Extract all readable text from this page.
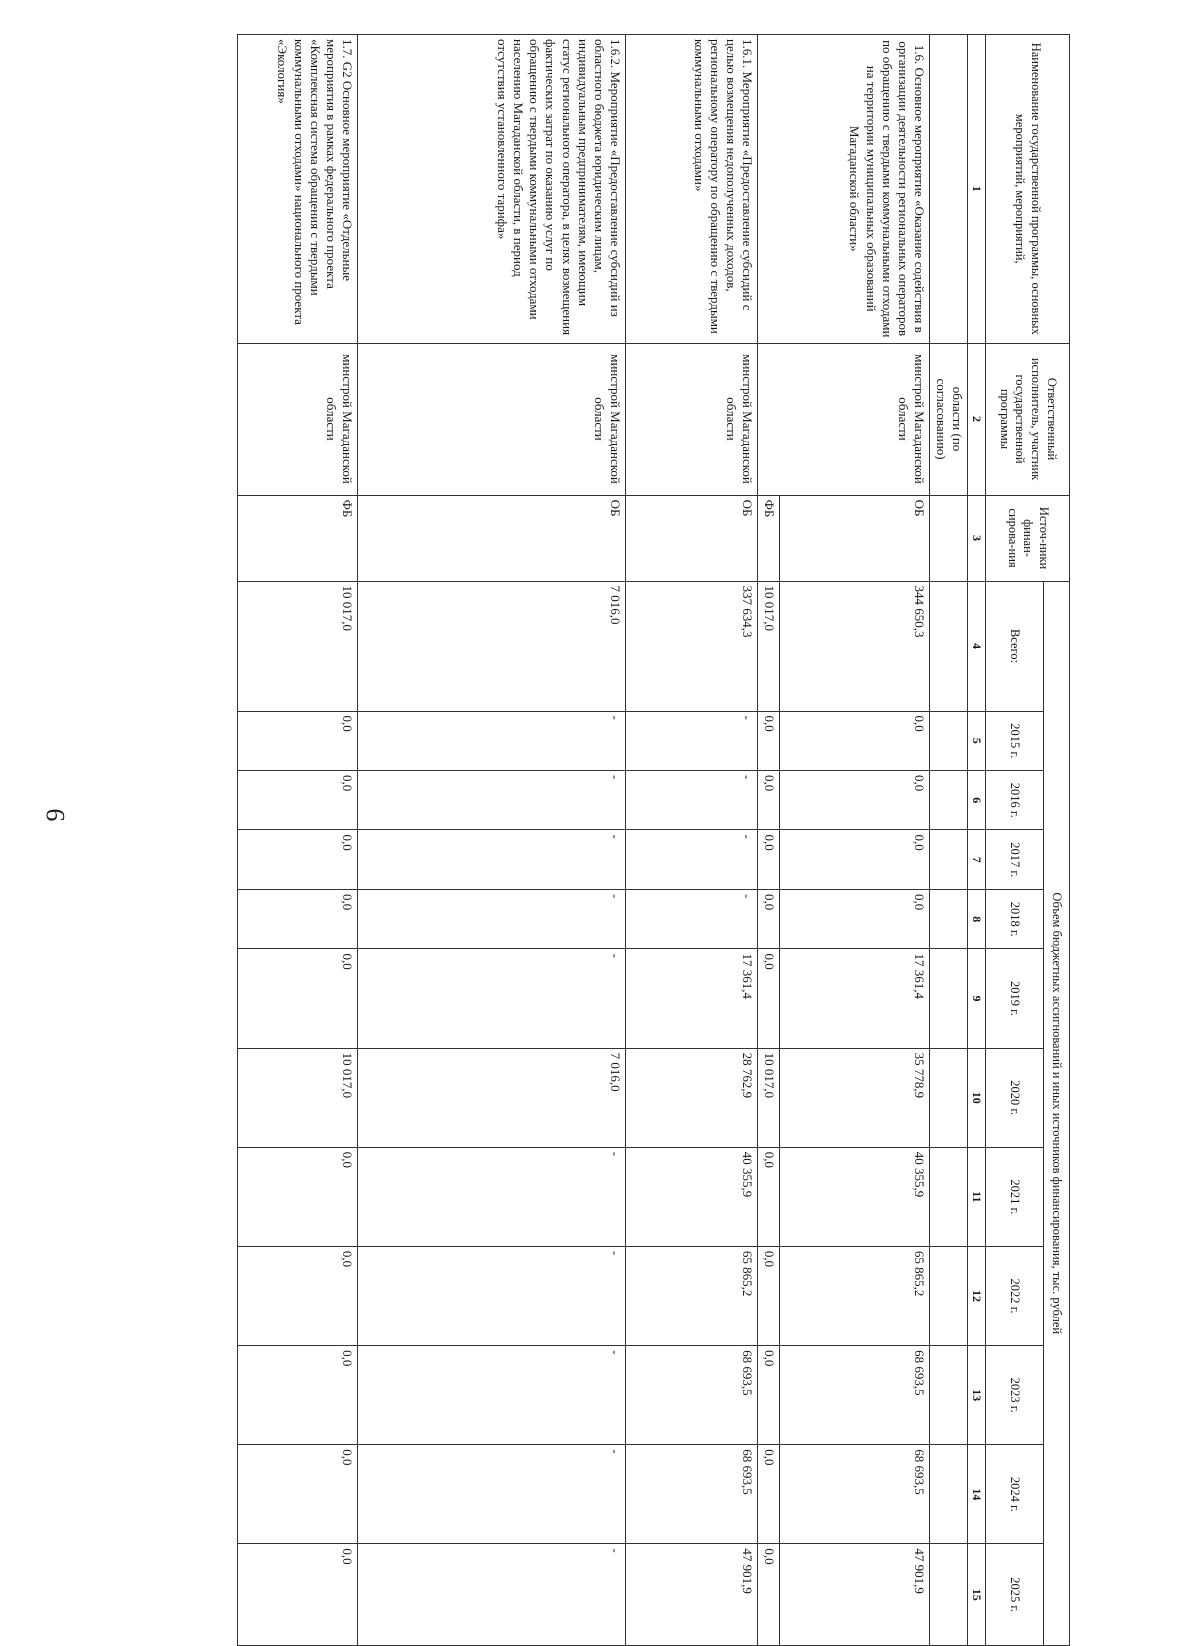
9
Наименование государственной программы, основных мероприятий, мероприятий,	Ответственный исполнитель, участник государственной программы	Источ-ники финан-сирова-ния	Объем бюджетных ассигнований и иных источников финансирования, тыс. рублей											
			Всего:	2015 г.	2016 г.	2017 г.	2018 г.	2019 г.	2020 г.	2021 г.	2022 г.	2023 г.	2024 г.	2025 г.
1	2	3	4	5	6	7	8	9	10	11	12	13	14	15
	области (по согласованию)													
1.6. Основное мероприятие «Оказание содействия в организации деятельности региональных операторов по обращению с твердыми коммунальными отходами на территории муниципальных образований Магаданской области»	минстрой Магаданской области	ОБ	344 650,3	0,0	0,0	0,0	0,0	17 361,4	35 778,9	40 355,9	65 865,2	68 693,5	68 693,5	47 901,9
		ФБ	10 017,0	0,0	0,0	0,0	0,0	0,0	10 017,0	0,0	0,0	0,0	0,0	0,0
1.6.1. Мероприятие «Предоставление субсидий с целью возмещения недополученных доходов, региональному оператору по обращению с твердыми коммунальными отходами»	минстрой Магаданской области	ОБ	337 634,3	-	-	-	-	17 361,4	28 762,9	40 355,9	65 865,2	68 693,5	68 693,5	47 901,9
1.6.2. Мероприятие «Предоставление субсидий из областного бюджета юридическим лицам, индивидуальным предпринимателям, имеющим статус регионального оператора, в целях возмещения фактических затрат по оказанию услуг по обращению с твердыми коммунальными отходами населению Магаданской области, в период отсутствия установленного тарифа»	минстрой Магаданской области	ОБ	7 016,0	-	-	-	-	-	7 016,0	-	-	-	-	-
1.7. G2 Основное мероприятие «Отдельные мероприятия в рамках федерального проекта «Комплексная система обращения с твердыми коммунальными отходами» национального проекта «Экология»	минстрой Магаданской области	ФБ	10 017,0	0,0	0,0	0,0	0,0	0,0	10 017,0	0,0	0,0	0,0	0,0	0,0
